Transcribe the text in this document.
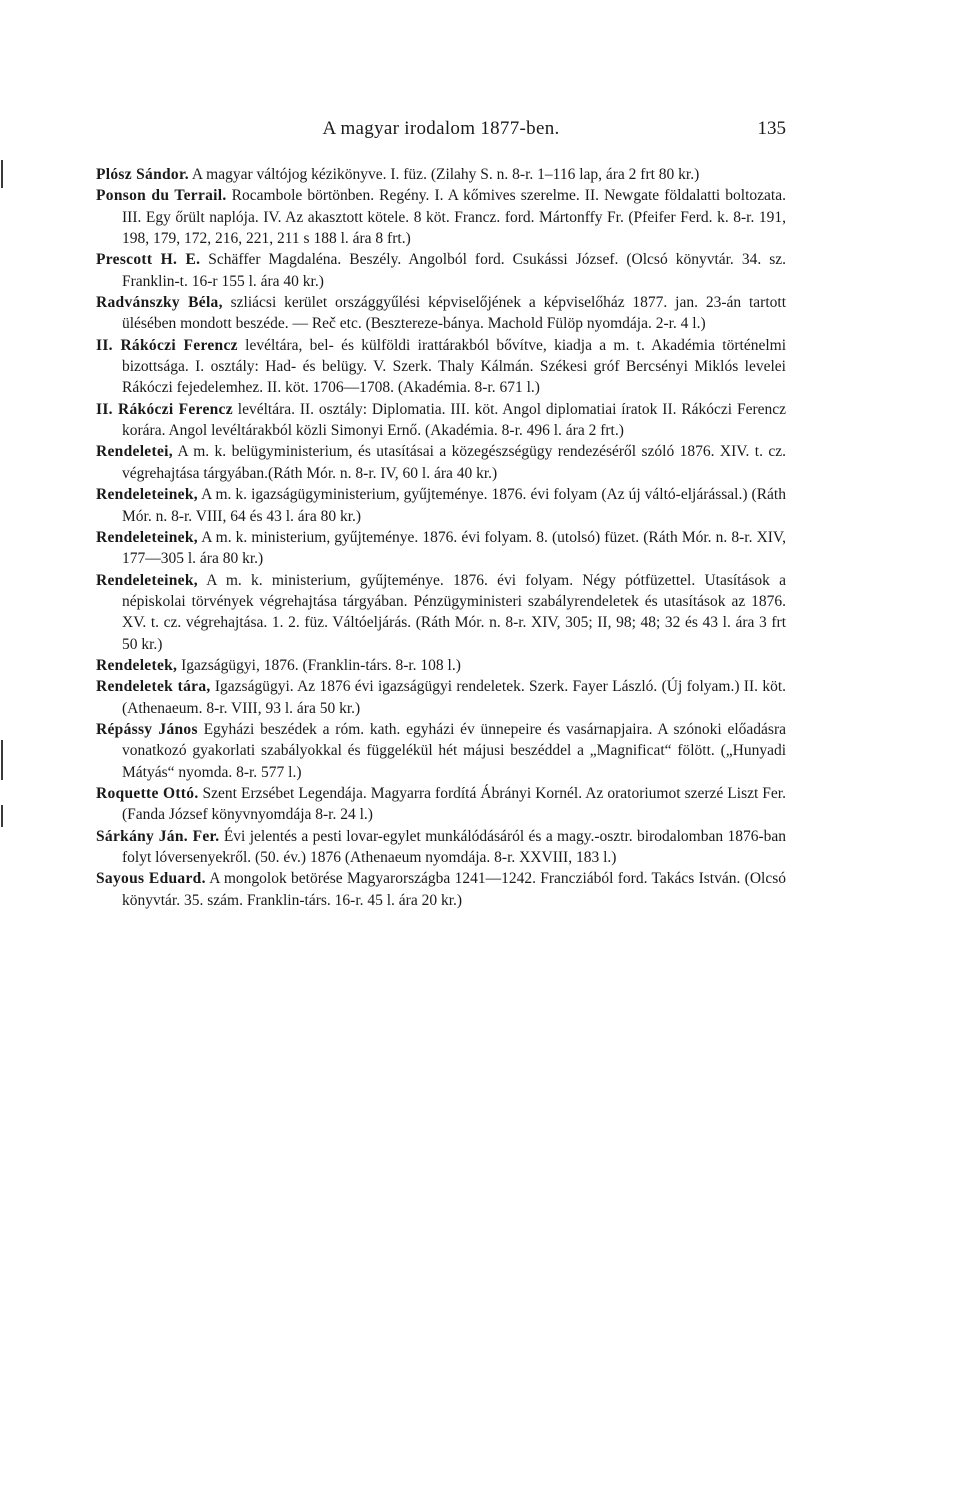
A magyar irodalom 1877-ben.	135

Plósz Sándor. A magyar váltójog kézikönyve. I. füz. (Zilahy S. n. 8-r. 1–116 lap, ára 2 frt 80 kr.)

Ponson du Terrail. Rocambole börtönben. Regény. I. A kőmives szerelme. II. Newgate földalatti boltozata. III. Egy őrült naplója. IV. Az akasztott kötele. 8 köt. Francz. ford. Mártonffy Fr. (Pfeifer Ferd. k. 8-r. 191, 198, 179, 172, 216, 221, 211 s 188 l. ára 8 frt.)

Prescott H. E. Schäffer Magdaléna. Beszély. Angolból ford. Csukássi József. (Olcsó könyvtár. 34. sz. Franklin-t. 16-r 155 l. ára 40 kr.)

Radvánszky Béla, szliácsi kerület országgyűlési képviselőjének a képviselőház 1877. jan. 23-án tartott ülésében mondott beszéde. — Reč etc. (Besztereze-bánya. Machold Fülöp nyomdája. 2-r. 4 l.)

II. Rákóczi Ferencz levéltára, bel- és külföldi irattárakból bővítve, kiadja a m. t. Akadémia történelmi bizottsága. I. osztály: Had- és belügy. V. Szerk. Thaly Kálmán. Székesi gróf Bercsényi Miklós levelei Rákóczi fejedelemhez. II. köt. 1706—1708. (Akadémia. 8-r. 671 l.)

II. Rákóczi Ferencz levéltára. II. osztály: Diplomatia. III. köt. Angol diplomatiai íratok II. Rákóczi Ferencz korára. Angol levéltárakból közli Simonyi Ernő. (Akadémia. 8-r. 496 l. ára 2 frt.)

Rendeletei, A m. k. belügyministerium, és utasításai a közegészségügy rendezéséről szóló 1876. XIV. t. cz. végrehajtása tárgyában.(Ráth Mór. n. 8-r. IV, 60 l. ára 40 kr.)

Rendeleteinek, A m. k. igazságügyministerium, gyűjteménye. 1876. évi folyam (Az új váltó-eljárással.) (Ráth Mór. n. 8-r. VIII, 64 és 43 l. ára 80 kr.)

Rendeleteinek, A m. k. ministerium, gyűjteménye. 1876. évi folyam. 8. (utolsó) füzet. (Ráth Mór. n. 8-r. XIV, 177—305 l. ára 80 kr.)

Rendeleteinek, A m. k. ministerium, gyűjteménye. 1876. évi folyam. Négy pótfüzettel. Utasítások a népiskolai törvények végrehajtása tárgyában. Pénzügyministeri szabályrendeletek és utasítások az 1876. XV. t. cz. végrehajtása. 1. 2. füz. Váltóeljárás. (Ráth Mór. n. 8-r. XIV, 305; II, 98; 48; 32 és 43 l. ára 3 frt 50 kr.)

Rendeletek, Igazságügyi, 1876. (Franklin-társ. 8-r. 108 l.)

Rendeletek tára, Igazságügyi. Az 1876 évi igazságügyi rendeletek. Szerk. Fayer László. (Új folyam.) II. köt. (Athenaeum. 8-r. VIII, 93 l. ára 50 kr.)

Répássy János Egyházi beszédek a róm. kath. egyházi év ünnepeire és vasárnapjaira. A szónoki előadásra vonatkozó gyakorlati szabályokkal és függelékül hét májusi beszéddel a „Magnificat“ fölött. („Hunyadi Mátyás“ nyomda. 8-r. 577 l.)

Roquette Ottó. Szent Erzsébet Legendája. Magyarra fordítá Ábrányi Kornél. Az oratoriumot szerzé Liszt Fer. (Fanda József könyvnyomdája 8-r. 24 l.)

Sárkány Ján. Fer. Évi jelentés a pesti lovar-egylet munkálódásáról és a magy.-osztr. birodalomban 1876-ban folyt lóversenyekről. (50. év.) 1876 (Athenaeum nyomdája. 8-r. XXVIII, 183 l.)

Sayous Eduard. A mongolok betörése Magyarországba 1241—1242. Francziából ford. Takács István. (Olcsó könyvtár. 35. szám. Franklin-társ. 16-r. 45 l. ára 20 kr.)
